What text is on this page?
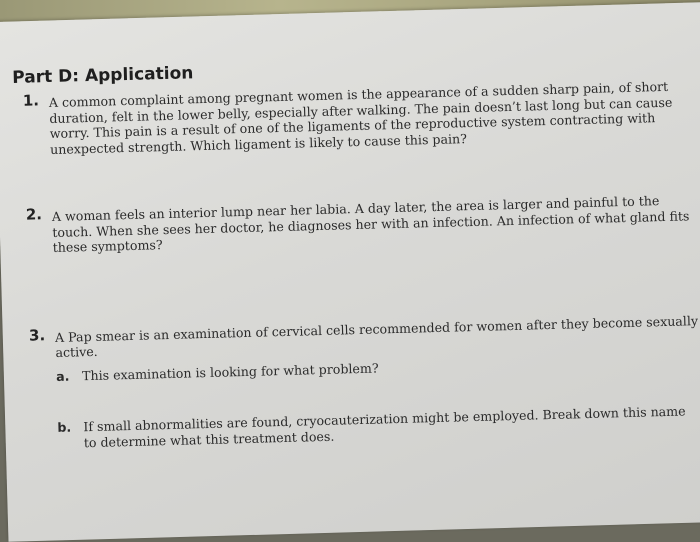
Part D: Application
1. A common complaint among pregnant women is the appearance of a sudden sharp pain, of short duration, felt in the lower belly, especially after walking. The pain doesn’t last long but can cause worry. This pain is a result of one of the ligaments of the reproductive system contracting with unexpected strength. Which ligament is likely to cause this pain?
2. A woman feels an interior lump near her labia. A day later, the area is larger and painful to the touch. When she sees her doctor, he diagnoses her with an infection. An infection of what gland fits these symptoms?
3. A Pap smear is an examination of cervical cells recommended for women after they become sexually active.
a. This examination is looking for what problem?
b. If small abnormalities are found, cryocauterization might be employed. Break down this name to determine what this treatment does.
